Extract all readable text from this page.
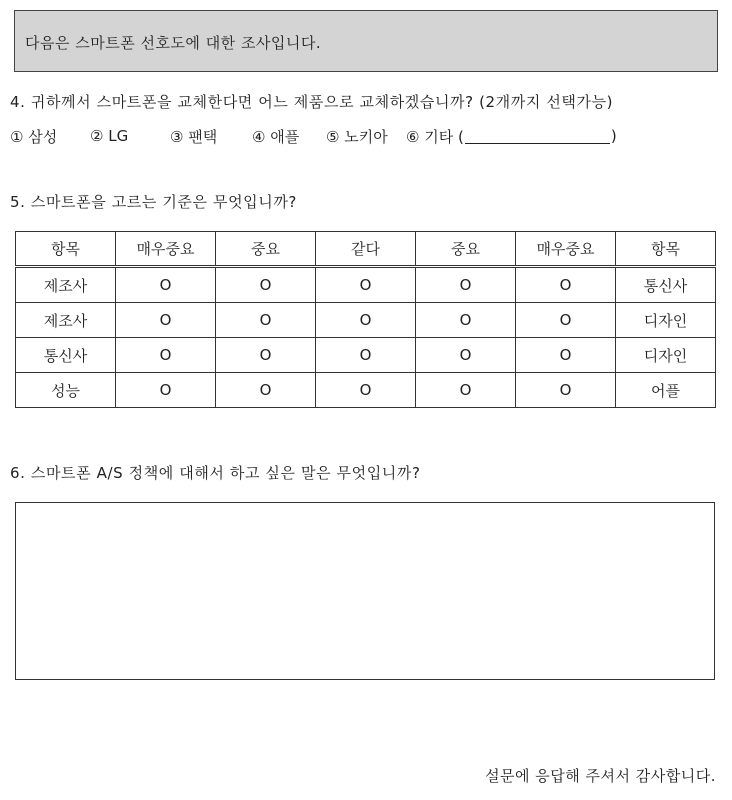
다음은 스마트폰 선호도에 대한 조사입니다.
4. 귀하께서 스마트폰을 교체한다면 어느 제품으로 교체하겠습니까? (2개까지 선택가능)
① 삼성	② LG	③ 팬택	④ 애플	⑤ 노키아	⑥ 기타 (	)
5. 스마트폰을 고르는 기준은 무엇입니까?
항목	매우중요	중요	같다	중요	매우중요	항목
제조사	O	O	O	O	O	통신사
제조사	O	O	O	O	O	디자인
통신사	O	O	O	O	O	디자인
성능	O	O	O	O	O	어플
6. 스마트폰 A/S 정책에 대해서 하고 싶은 말은 무엇입니까?
설문에 응답해 주셔서 감사합니다.
